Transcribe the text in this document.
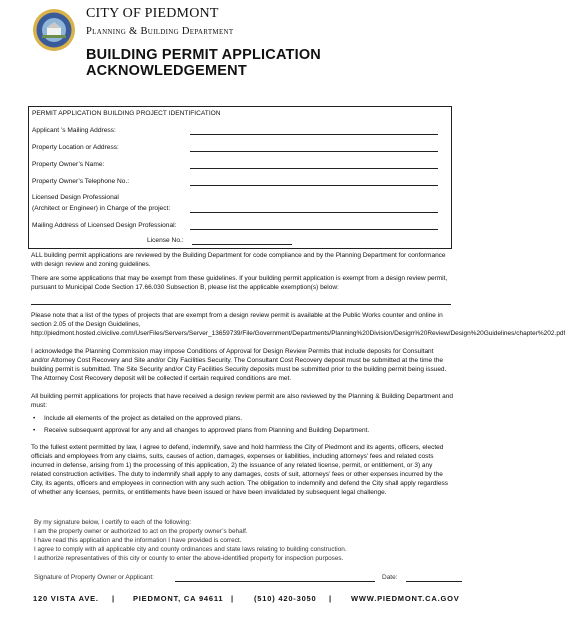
CITY OF PIEDMONT
Planning & Building Department
BUILDING PERMIT APPLICATION ACKNOWLEDGEMENT
PERMIT APPLICATION BUILDING PROJECT IDENTIFICATION
Applicant ’s Mailing Address:
Property Location or Address:
Property Owner’s Name:
Property Owner’s Telephone No.:
Licensed Design Professional
(Architect or Engineer) in Charge of the project:
Mailing Address of Licensed Design Professional:
License No.:
ALL building permit applications are reviewed by the Building Department for code compliance and by the Planning Department for conformance with design review and zoning guidelines.
There are some applications that may be exempt from these guidelines. If your building permit application is exempt from a design review permit, pursuant to Municipal Code Section 17.66.030 Subsection B, please list the applicable exemption(s) below:
Please note that a list of the types of projects that are exempt from a design review permit is available at the Public Works counter and online in section 2.05 of the Design Guidelines, http://piedmont.hosted.civiclive.com/UserFiles/Servers/Server_13659739/File/Government/Departments/Planning%20Division/Design%20Review/Design%20Guidelines/chapter%202.pdf
I acknowledge the Planning Commission may impose Conditions of Approval for Design Review Permits that include deposits for Consultant and/or Attorney Cost Recovery and Site and/or City Facilities Security. The Consultant Cost Recovery deposit must be submitted at the time the building permit is submitted. The Site Security and/or City Facilities Security deposits must be submitted prior to the building permit being issued. The Attorney Cost Recovery deposit will be collected if certain required conditions are met.
All building permit applications for projects that have received a design review permit are also reviewed by the Planning & Building Department and must:
• Include all elements of the project as detailed on the approved plans.
• Receive subsequent approval for any and all changes to approved plans from Planning and Building Department.
To the fullest extent permitted by law, I agree to defend, indemnify, save and hold harmless the City of Piedmont and its agents, officers, elected officials and employees from any claims, suits, causes of action, damages, expenses or liabilities, including attorneys’ fees and related costs incurred in defense, arising from 1) the processing of this application, 2) the issuance of any related license, permit, or entitlement, or 3) any related construction activities. The duty to indemnify shall apply to any damages, costs of suit, attorneys’ fees or other expenses incurred by the City, its agents, officers and employees in connection with any such action. The obligation to indemnify and defend the City shall apply regardless of whether any licenses, permits, or entitlements have been issued or have been invalidated by subsequent legal challenge.
By my signature below, I certify to each of the following:
I am the property owner or authorized to act on the property owner’s behalf.
I have read this application and the information I have provided is correct.
I agree to comply with all applicable city and county ordinances and state laws relating to building construction.
I authorize representatives of this city or county to enter the above-identified property for inspection purposes.
Signature of Property Owner or Applicant:	Date:
120 VISTA AVE. | PIEDMONT, CA 94611 |	(510) 420-3050 |	WWW.PIEDMONT.CA.GOV
